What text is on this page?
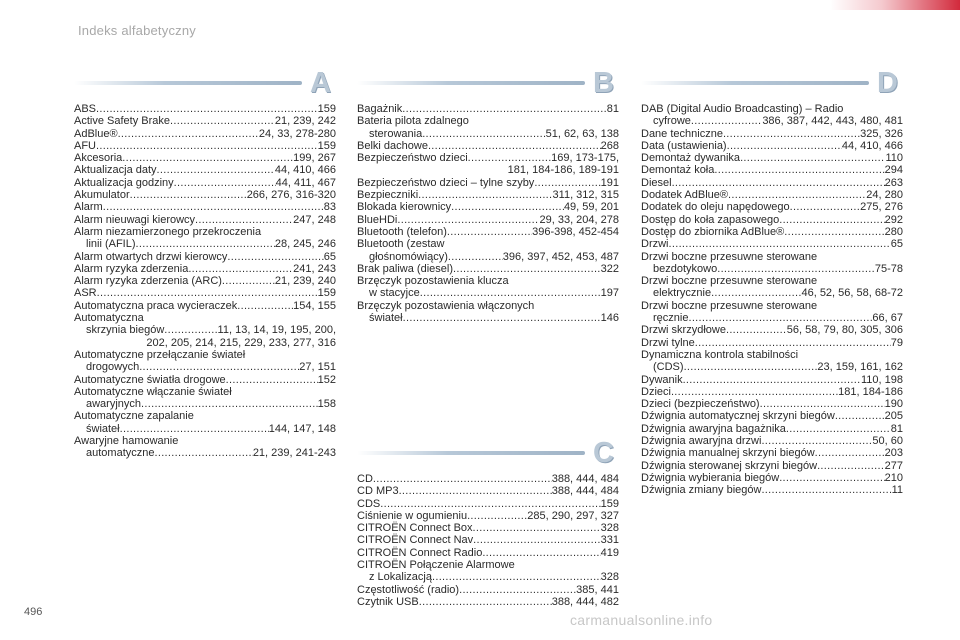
Indeks alfabetyczny
A	B
C
D
ABS .....	159
Active Safety Brake .....	21, 239, 242
AdBlue® .....	24, 33, 278-280
AFU .....	159
Akcesoria .....	199, 267
Aktualizacja daty .....	44, 410, 466
Aktualizacja godziny .....	44, 411, 467
Akumulator .....	266, 276, 316-320
Alarm .....	83
Alarm nieuwagi kierowcy .....	247, 248
Alarm niezamierzonego przekroczenia
linii (AFIL) .....	28, 245, 246
Alarm otwartych drzwi kierowcy .....	65
Alarm ryzyka zderzenia .....	241, 243
Alarm ryzyka zderzenia (ARC) .....	21, 239, 240
ASR .....	159
Automatyczna praca wycieraczek .....	154, 155
Automatyczna
skrzynia biegów .....	11, 13, 14, 19, 195, 200,
202, 205, 214, 215, 229, 233, 277, 316
Automatyczne przełączanie świateł
drogowych .....	27, 151
Automatyczne światła drogowe .....	152
Automatyczne włączanie świateł
awaryjnych .....	158
Automatyczne zapalanie
świateł .....	144, 147, 148
Awaryjne hamowanie
automatyczne .....	21, 239, 241-243
Bagażnik .....	81
Bateria pilota zdalnego
sterowania .....	51, 62, 63, 138
Belki dachowe .....	268
Bezpieczeństwo dzieci .....	169, 173-175,
181, 184-186, 189-191
Bezpieczeństwo dzieci – tylne szyby .....	191
Bezpieczniki .....	311, 312, 315
Blokada kierownicy .....	49, 59, 201
BlueHDi .....	29, 33, 204, 278
Bluetooth (telefon) .....	396-398, 452-454
Bluetooth (zestaw
głośnomówiący) .....	396, 397, 452, 453, 487
Brak paliwa (diesel) .....	322
Brzęczyk pozostawienia klucza
w stacyjce .....	197
Brzęczyk pozostawienia włączonych
świateł .....	146
CD .....	388, 444, 484
CD MP3 .....	388, 444, 484
CDS .....	159
Ciśnienie w ogumieniu .....	285, 290, 297, 327
CITROËN Connect Box .....	328
CITROËN Connect Nav .....	331
CITROËN Connect Radio .....	419
CITROËN Połączenie Alarmowe
z Lokalizacją .....	328
Częstotliwość (radio) .....	385, 441
Czytnik USB .....	388, 444, 482
DAB (Digital Audio Broadcasting) – Radio
cyfrowe .....	386, 387, 442, 443, 480, 481
Dane techniczne .....	325, 326
Data (ustawienia) .....	44, 410, 466
Demontaż dywanika .....	110
Demontaż koła .....	294
Diesel .....	263
Dodatek AdBlue® .....	24, 280
Dodatek do oleju napędowego .....	275, 276
Dostęp do koła zapasowego .....	292
Dostęp do zbiornika AdBlue® .....	280
Drzwi .....	65
Drzwi boczne przesuwne sterowane
bezdotykowo .....	75-78
Drzwi boczne przesuwne sterowane
elektrycznie .....	46, 52, 56, 58, 68-72
Drzwi boczne przesuwne sterowane
ręcznie .....	66, 67
Drzwi skrzydłowe .....	56, 58, 79, 80, 305, 306
Drzwi tylne .....	79
Dynamiczna kontrola stabilności
(CDS) .....	23, 159, 161, 162
Dywanik .....	110, 198
Dzieci .....	181, 184-186
Dzieci (bezpieczeństwo) .....	190
Dźwignia automatycznej skrzyni biegów .....	205
Dźwignia awaryjna bagażnika .....	81
Dźwignia awaryjna drzwi .....	50, 60
Dźwignia manualnej skrzyni biegów .....	203
Dźwignia sterowanej skrzyni biegów .....	277
Dźwignia wybierania biegów .....	210
Dźwignia zmiany biegów .....	11
496	carmanualsonline.info
